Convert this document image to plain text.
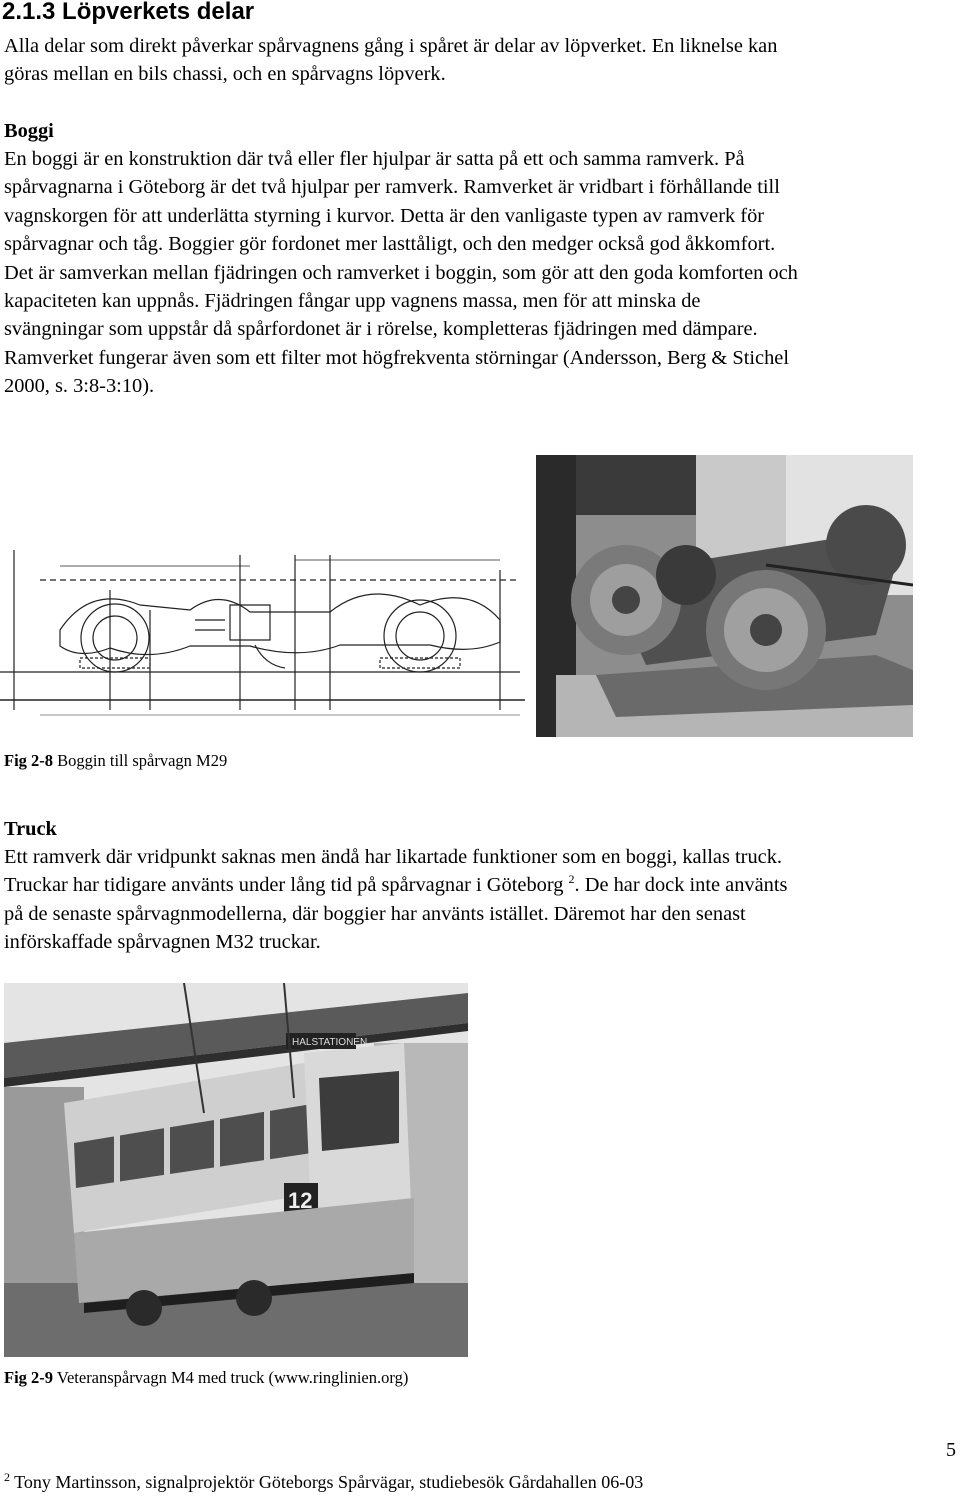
2.1.3 Löpverkets delar

Alla delar som direkt påverkar spårvagnens gång i spåret är delar av löpverket. En liknelse kan
göras mellan en bils chassi, och en spårvagns löpverk.

Boggi

En boggi är en konstruktion där två eller fler hjulpar är satta på ett och samma ramverk. På
spårvagnarna i Göteborg är det två hjulpar per ramverk. Ramverket är vridbart i förhållande till
vagnskorgen för att underlätta styrning i kurvor. Detta är den vanligaste typen av ramverk för
spårvagnar och tåg. Boggier gör fordonet mer lasttåligt, och den medger också god åkkomfort.
Det är samverkan mellan fjädringen och ramverket i boggin, som gör att den goda komforten och
kapaciteten kan uppnås. Fjädringen fångar upp vagnens massa, men för att minska de
svängningar som uppstår då spårfordonet är i rörelse, kompletteras fjädringen med dämpare.
Ramverket fungerar även som ett filter mot högfrekventa störningar (Andersson, Berg & Stichel
2000, s. 3:8-3:10).

Fig 2-8 Boggin till spårvagn M29
Truck

Ett ramverk där vridpunkt saknas men ändå har likartade funktioner som en boggi, kallas truck.
Truckar har tidigare använts under lång tid på spårvagnar i Göteborg $^2$. De har dock inte använts
på de senaste spårvagnmodellerna, där boggier har använts istället. Däremot har den senast
införskaffade spårvagnen M32 truckar.

HALSTATIONEN
12
Fig 2-9 Veteranspårvagn M4 med truck (www.ringlinien.org)
5
$^2$ Tony Martinsson, signalprojektör Göteborgs Spårvägar, studiebesök Gårdahallen 06-03
